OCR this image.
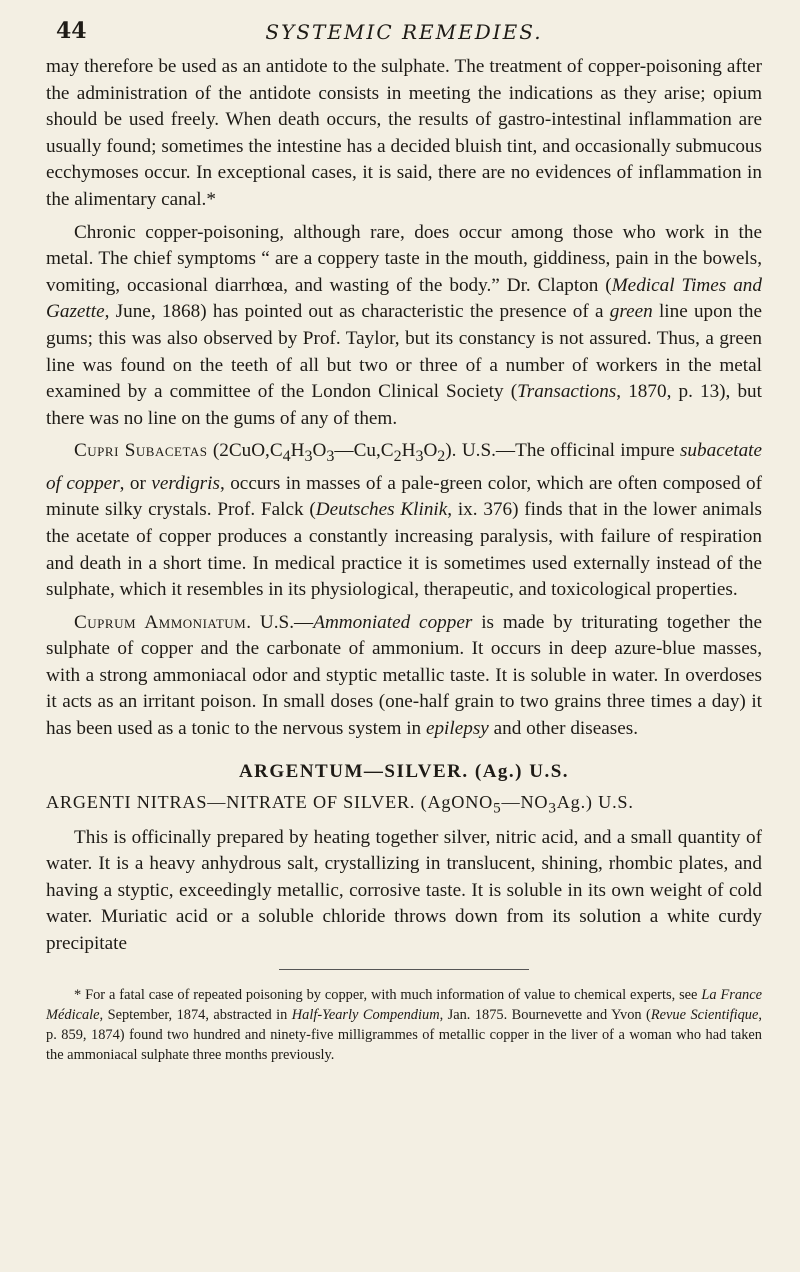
44	SYSTEMIC REMEDIES.

may therefore be used as an antidote to the sulphate. The treatment of copper-poisoning after the administration of the antidote consists in meeting the indications as they arise; opium should be used freely. When death occurs, the results of gastro-intestinal inflammation are usually found; sometimes the intestine has a decided bluish tint, and occasionally submucous ecchymoses occur. In exceptional cases, it is said, there are no evidences of inflammation in the alimentary canal.*

Chronic copper-poisoning, although rare, does occur among those who work in the metal. The chief symptoms “ are a coppery taste in the mouth, giddiness, pain in the bowels, vomiting, occasional diarrhœa, and wasting of the body.” Dr. Clapton (Medical Times and Gazette, June, 1868) has pointed out as characteristic the presence of a green line upon the gums; this was also observed by Prof. Taylor, but its constancy is not assured. Thus, a green line was found on the teeth of all but two or three of a number of workers in the metal examined by a committee of the London Clinical Society (Transactions, 1870, p. 13), but there was no line on the gums of any of them.

Cupri Subacetas $(2CuO,C_4H_3O_3—Cu,C_2H_3O_2)$. U.S.—The officinal impure subacetate of copper, or verdigris, occurs in masses of a pale-green color, which are often composed of minute silky crystals. Prof. Falck (Deutsches Klinik, ix. 376) finds that in the lower animals the acetate of copper produces a constantly increasing paralysis, with failure of respiration and death in a short time. In medical practice it is sometimes used externally instead of the sulphate, which it resembles in its physiological, therapeutic, and toxicological properties.

Cuprum Ammoniatum. U.S.—Ammoniated copper is made by triturating together the sulphate of copper and the carbonate of ammonium. It occurs in deep azure-blue masses, with a strong ammoniacal odor and styptic metallic taste. It is soluble in water. In overdoses it acts as an irritant poison. In small doses (one-half grain to two grains three times a day) it has been used as a tonic to the nervous system in epilepsy and other diseases.

ARGENTUM—SILVER. (Ag.) U.S.
ARGENTI NITRAS—NITRATE OF SILVER. $(AgONO_5—NO_3Ag.)$ U.S.

This is officinally prepared by heating together silver, nitric acid, and a small quantity of water. It is a heavy anhydrous salt, crystallizing in translucent, shining, rhombic plates, and having a styptic, exceedingly metallic, corrosive taste. It is soluble in its own weight of cold water. Muriatic acid or a soluble chloride throws down from its solution a white curdy precipitate

* For a fatal case of repeated poisoning by copper, with much information of value to chemical experts, see La France Médicale, September, 1874, abstracted in Half-Yearly Compendium, Jan. 1875. Bournevette and Yvon (Revue Scientifique, p. 859, 1874) found two hundred and ninety-five milligrammes of metallic copper in the liver of a woman who had taken the ammoniacal sulphate three months previously.
